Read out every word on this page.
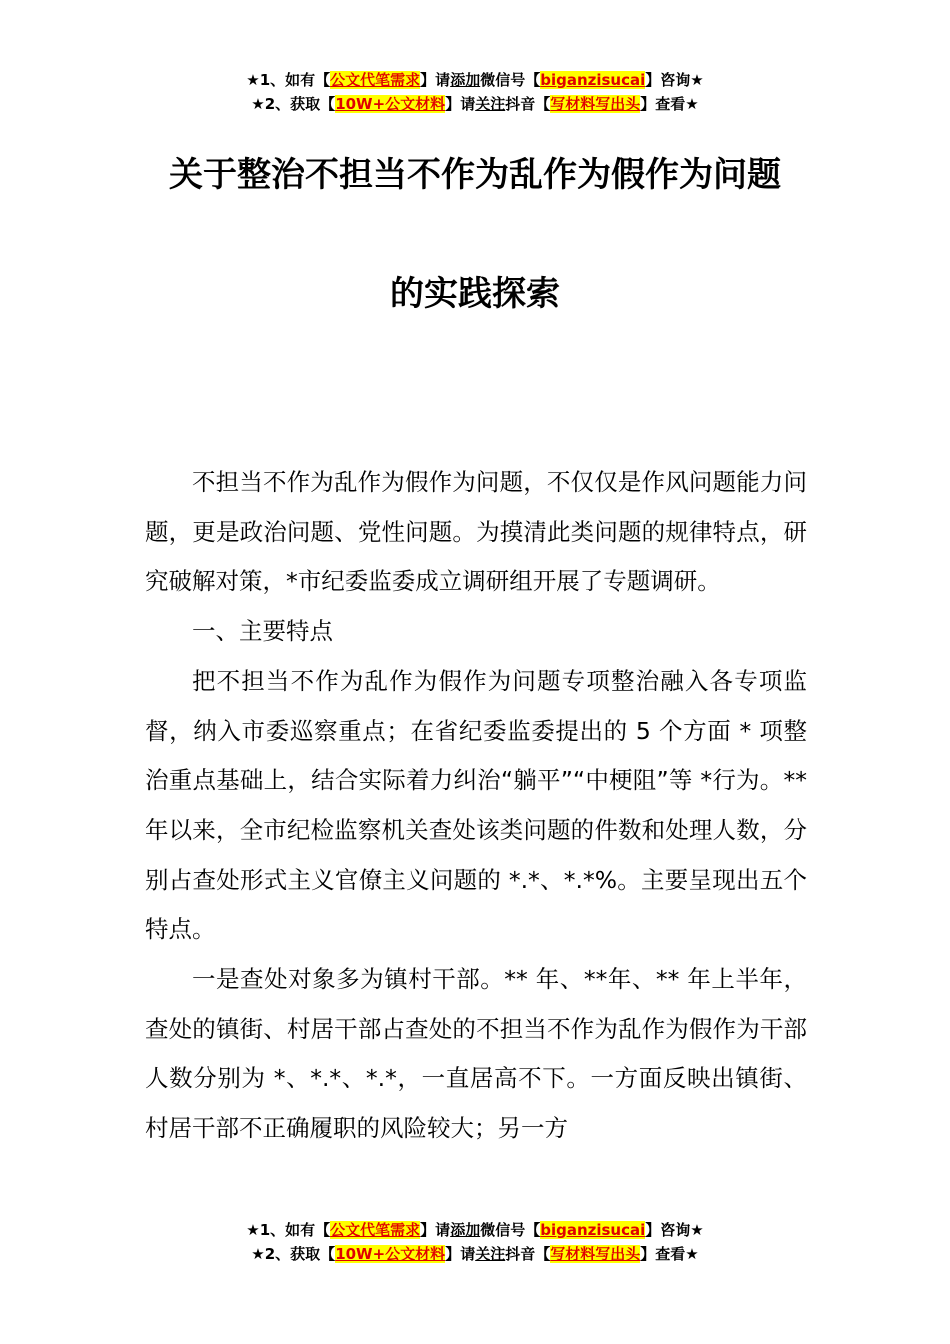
★1、如有【公文代笔需求】请添加微信号【biganzisucai】咨询★
★2、获取【10W+公文材料】请关注抖音【写材料写出头】查看★
关于整治不担当不作为乱作为假作为问题
的实践探索

不担当不作为乱作为假作为问题，不仅仅是作风问题能力问题，更是政治问题、党性问题。为摸清此类问题的规律特点，研究破解对策，*市纪委监委成立调研组开展了专题调研。

一、主要特点

把不担当不作为乱作为假作为问题专项整治融入各专项监督，纳入市委巡察重点；在省纪委监委提出的 5 个方面 * 项整治重点基础上，结合实际着力纠治“躺平”“中梗阻”等 *行为。** 年以来，全市纪检监察机关查处该类问题的件数和处理人数，分别占查处形式主义官僚主义问题的 *.*、*.*%。主要呈现出五个特点。

一是查处对象多为镇村干部。** 年、**年、** 年上半年，查处的镇街、村居干部占查处的不担当不作为乱作为假作为干部人数分别为 *、*.*、*.*，一直居高不下。一方面反映出镇街、村居干部不正确履职的风险较大；另一方

★1、如有【公文代笔需求】请添加微信号【biganzisucai】咨询★
★2、获取【10W+公文材料】请关注抖音【写材料写出头】查看★
